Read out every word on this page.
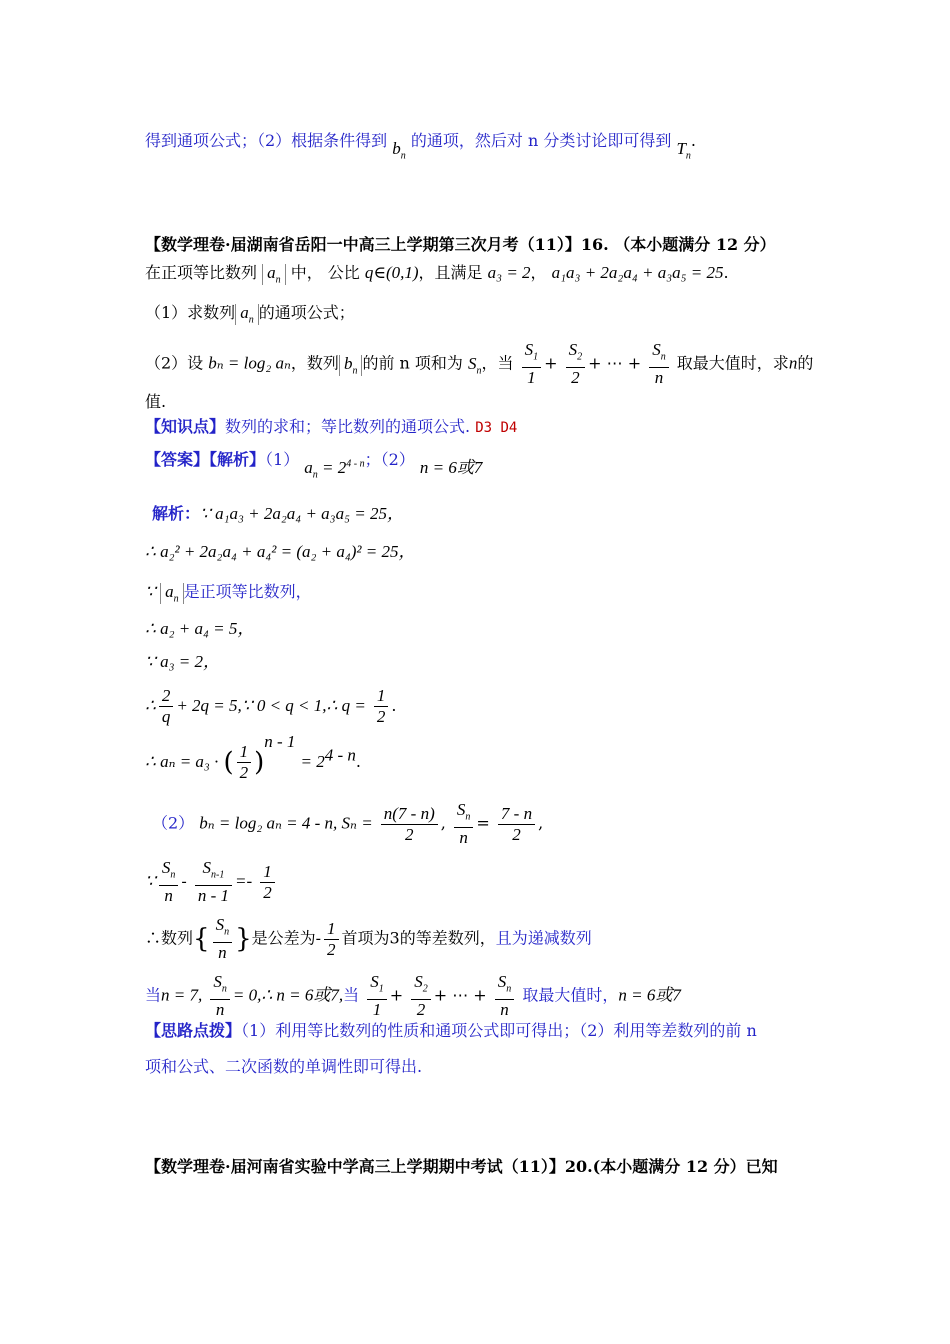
得到通项公式；（2）根据条件得到 $b_n$ 的通项，然后对 n 分类讨论即可得到 $T_n$.
【数学理卷·届湖南省岳阳一中高三上学期第三次月考（11）】16. （本小题满分 12 分）
在正项等比数列 $a_n$ 中， 公比 q∈(0,1)，且满足 a₃ = 2， a₁a₃ + 2a₂a₄ + a₃a₅ = 25.
（1）求数列 $a_n$ 的通项公式；
（2）设 bₙ = log₂ aₙ，数列 $b_n$ 的前 n 项和为 $S_n$，当 $\frac{S_1}{1} + \frac{S_2}{2}$ + ⋯ + $\frac{S_n}{n}$ 取最大值时，求n的
值.
【知识点】数列的求和；等比数列的通项公式. D3 D4
【答案】【解析】（1） $a_n = 2^{4 - n}$；（2） n = 6或7
解析：∵ a₁a₃ + 2a₂a₄ + a₃a₅ = 25，
∴ a₂² + 2a₂a₄ + a₄² = (a₂ + a₄)² = 25，
∵ $a_n$ 是正项等比数列，
∴ a₂ + a₄ = 5，
∵ a₃ = 2，
∴ $\frac{2}{q} + 2q$ = 5,∵ 0 < q < 1,∴ $q = \frac{1}{2}$ .
∴ aₙ = a₃ · ( $\frac{1}{2} )^{n - 1} = 2^{4 - n}$.
（2） bₙ = log₂ aₙ = 4 - n, $S_n = \frac{n(7 - n)}{2}$ , $\frac{S_n}{n} = \frac{7 - n}{2}$ ,
∵ $\frac{S_n}{n} - \frac{S_{n-1}}{n - 1} =- \frac{1}{2}$
∴数列{ $\frac{S_n}{n}$ }是公差为- $\frac{1}{2}$ 首项为3的等差数列，且为递减数列
当n = 7, $\frac{S_n}{n}$ = 0,∴ n = 6或7,当 $\frac{S_1}{1} + \frac{S_2}{2}$ + ⋯ + $\frac{S_n}{n}$ 取最大值时，n = 6或7
【思路点拨】（1）利用等比数列的性质和通项公式即可得出；（2）利用等差数列的前 n
项和公式、二次函数的单调性即可得出.
【数学理卷·届河南省实验中学高三上学期期中考试（11）】20.(本小题满分 12 分）已知
